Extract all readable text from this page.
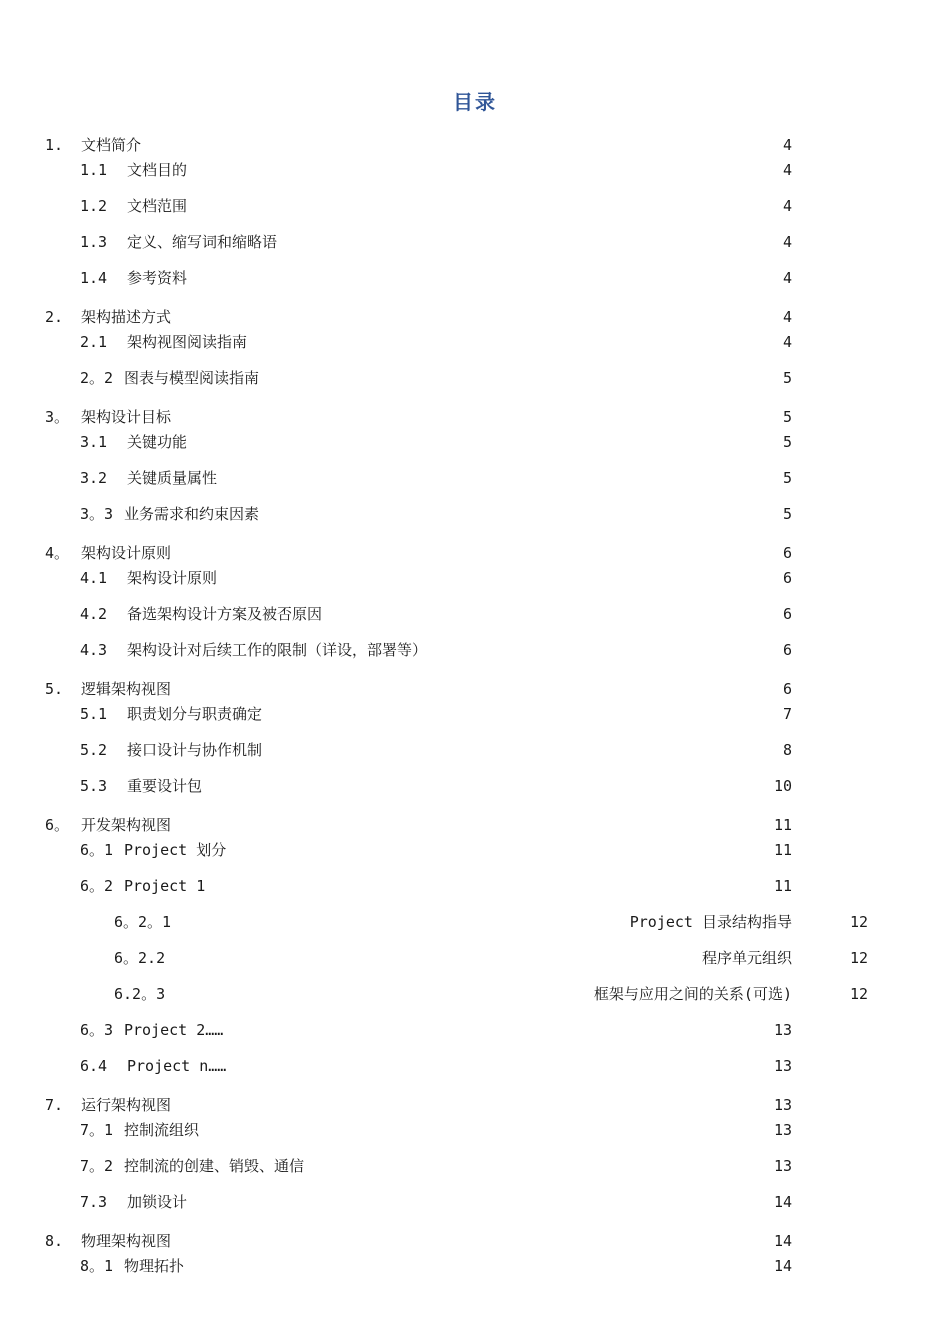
目录
1. 文档简介	4
1.1 文档目的	4
1.2 文档范围	4
1.3 定义、缩写词和缩略语	4
1.4 参考资料	4
2. 架构描述方式	4
2.1 架构视图阅读指南	4
2。2 图表与模型阅读指南	5
3。 架构设计目标	5
3.1 关键功能	5
3.2 关键质量属性	5
3。3 业务需求和约束因素	5
4。 架构设计原则	6
4.1 架构设计原则	6
4.2 备选架构设计方案及被否原因	6
4.3 架构设计对后续工作的限制（详设，部署等）	6
5. 逻辑架构视图	6
5.1 职责划分与职责确定	7
5.2 接口设计与协作机制	8
5.3 重要设计包	10
6。 开发架构视图	11
6。1 Project 划分	11
6。2 Project 1	11
6。2。1	Project 目录结构指导	12
6。2.2	程序单元组织	12
6.2。3	框架与应用之间的关系(可选)	12
6。3 Project 2……	13
6.4 Project n……	13
7. 运行架构视图	13
7。1 控制流组织	13
7。2 控制流的创建、销毁、通信	13
7.3 加锁设计	14
8. 物理架构视图	14
8。1 物理拓扑	14
